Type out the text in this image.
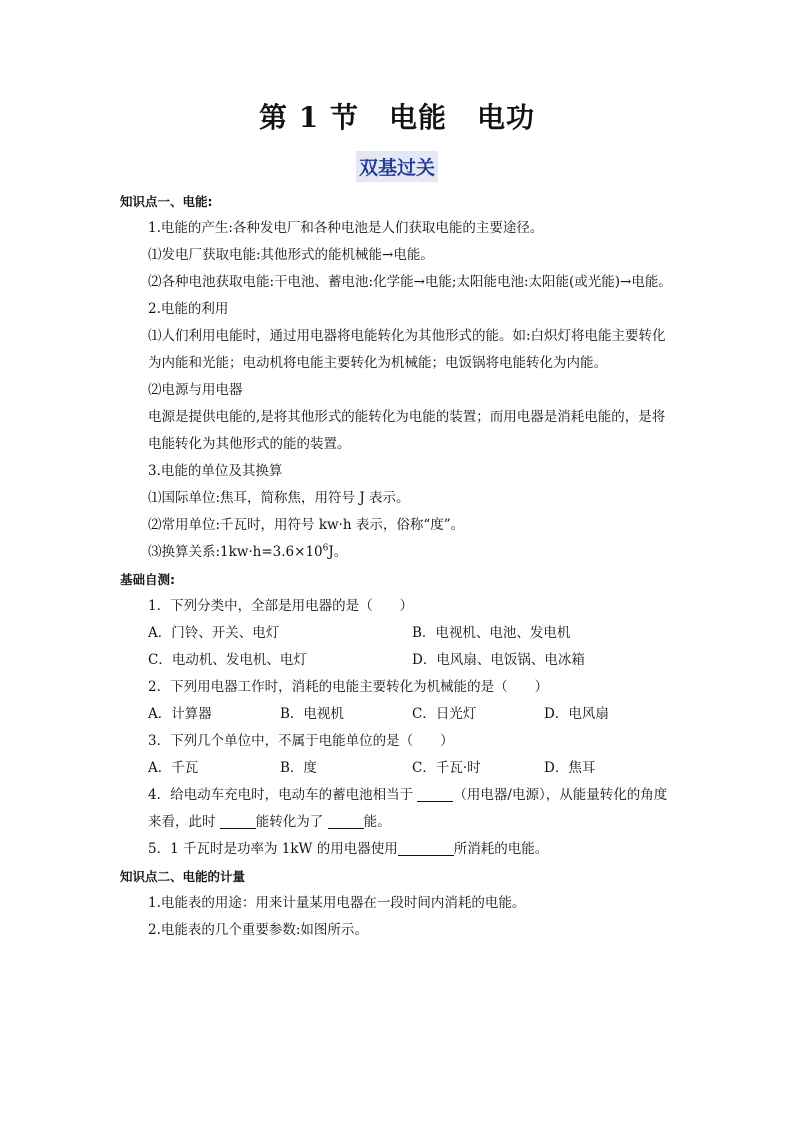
第 1 节 电能 电功
双基过关
知识点一、电能:
1.电能的产生:各种发电厂和各种电池是人们获取电能的主要途径。
⑴发电厂获取电能:其他形式的能机械能→电能。
⑵各种电池获取电能:干电池、蓄电池:化学能→电能;太阳能电池:太阳能(或光能)→电能。
2.电能的利用
⑴人们利用电能时，通过用电器将电能转化为其他形式的能。如:白炽灯将电能主要转化为内能和光能；电动机将电能主要转化为机械能；电饭锅将电能转化为内能。
⑵电源与用电器
电源是提供电能的,是将其他形式的能转化为电能的装置；而用电器是消耗电能的，是将电能转化为其他形式的能的装置。
3.电能的单位及其换算
⑴国际单位:焦耳，简称焦，用符号 J 表示。
⑵常用单位:千瓦时，用符号 kw·h 表示，俗称“度”。
⑶换算关系$:1kw\cdot h=3.6\times 10^6J$。
基础自测:
1．下列分类中，全部是用电器的是（　　）
A．门铃、开关、电灯	B．电视机、电池、发电机
C．电动机、发电机、电灯	D．电风扇、电饭锅、电冰箱
2．下列用电器工作时，消耗的电能主要转化为机械能的是（　　）
A．计算器	B．电视机	C．日光灯	D．电风扇
3．下列几个单位中，不属于电能单位的是（　　）
A．千瓦	B．度	C．千瓦·时	D．焦耳
4．给电动车充电时，电动车的蓄电池相当于	（用电器/电源），从能量转化的角度来看，此时	能转化为了	能。
5．1 千瓦时是功率为 1kW 的用电器使用	所消耗的电能。
知识点二、电能的计量
1.电能表的用途：用来计量某用电器在一段时间内消耗的电能。
2.电能表的几个重要参数:如图所示。
